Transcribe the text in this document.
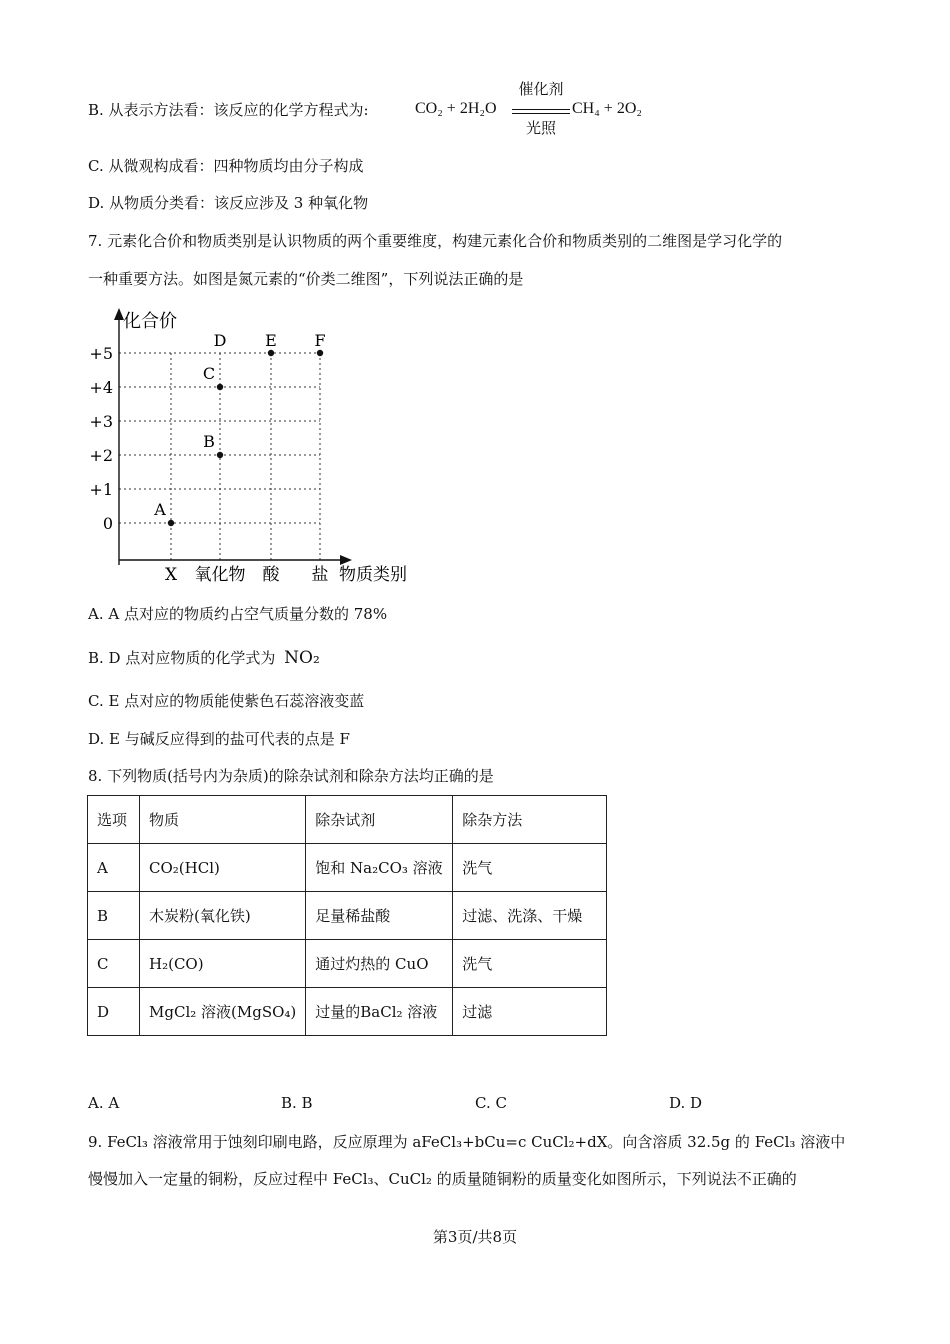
B. 从表示方法看：该反应的化学方程式为:	CO₂ + 2H₂O
催化剂
光照
CH₄ + 2O₂
C. 从微观构成看：四种物质均由分子构成
D. 从物质分类看：该反应涉及 3 种氧化物
7. 元素化合价和物质类别是认识物质的两个重要维度，构建元素化合价和物质类别的二维图是学习化学的
一种重要方法。如图是氮元素的“价类二维图”，下列说法正确的是
化合价
物质类别
0
+1
+2
+3
+4
+5
X 氧化物 酸 盐
A
B
C
D E F
A. A 点对应的物质约占空气质量分数的 78%
B. D 点对应物质的化学式为 NO₂
C. E 点对应的物质能使紫色石蕊溶液变蓝
D. E 与碱反应得到的盐可代表的点是 F
8. 下列物质(括号内为杂质)的除杂试剂和除杂方法均正确的是
选项	物质	除杂试剂	除杂方法
A	CO₂(HCl)	饱和 Na₂CO₃ 溶液	洗气
B	木炭粉(氧化铁)	足量稀盐酸	过滤、洗涤、干燥
C	H₂(CO)	通过灼热的 CuO	洗气
D	MgCl₂ 溶液(MgSO₄)	过量的BaCl₂ 溶液	过滤
A. A	B. B	C. C	D. D
9. FeCl₃ 溶液常用于蚀刻印刷电路，反应原理为 aFeCl₃+bCu=c CuCl₂+dX。向含溶质 32.5g 的 FeCl₃ 溶液中
慢慢加入一定量的铜粉，反应过程中 FeCl₃、CuCl₂ 的质量随铜粉的质量变化如图所示，下列说法不正确的
第3页/共8页
